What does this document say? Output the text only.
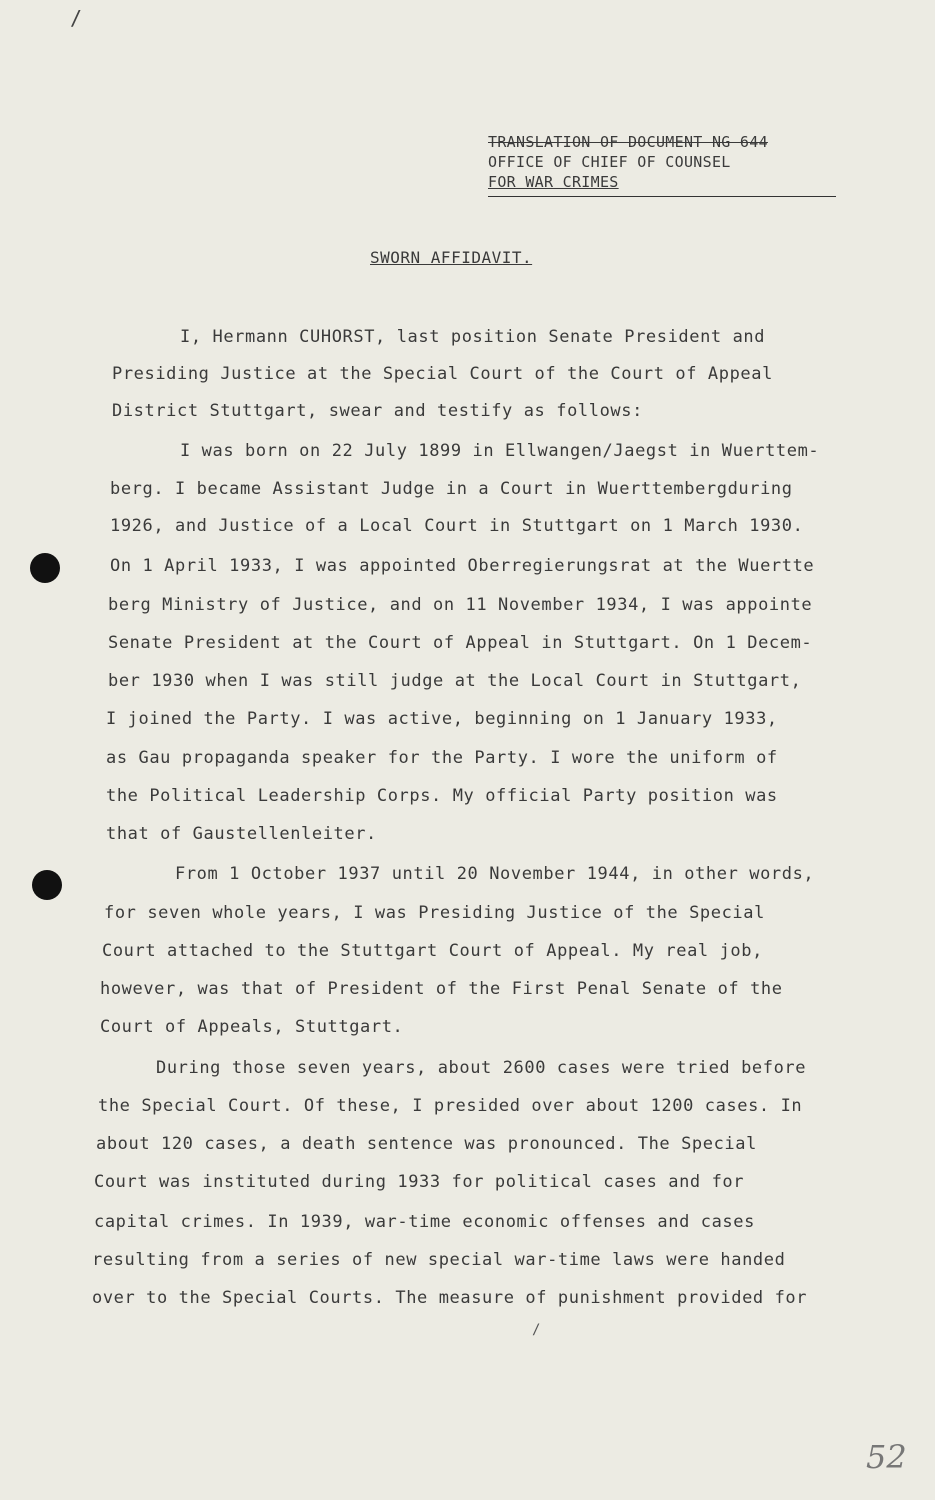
/
TRANSLATION OF DOCUMENT NG 644
OFFICE OF CHIEF OF COUNSEL
FOR WAR CRIMES
SWORN AFFIDAVIT.
I, Hermann CUHORST, last position Senate President and
Presiding Justice at the Special Court of the Court of Appeal
District Stuttgart, swear and testify as follows:
I was born on 22 July 1899 in Ellwangen/Jaegst in Wuerttem-
berg. I became Assistant Judge in a Court in Wuerttembergduring
1926, and Justice of a Local Court in Stuttgart on 1 March 1930.
On 1 April 1933, I was appointed Oberregierungsrat at the Wuertte
berg Ministry of Justice, and on 11 November 1934, I was appointe
Senate President at the Court of Appeal in Stuttgart. On 1 Decem-
ber 1930 when I was still judge at the Local Court in Stuttgart,
I joined the Party. I was active, beginning on 1 January 1933,
as Gau propaganda speaker for the Party. I wore the uniform of
the Political Leadership Corps. My official Party position was
that of Gaustellenleiter.
From 1 October 1937 until 20 November 1944, in other words,
for seven whole years, I was Presiding Justice of the Special
Court attached to the Stuttgart Court of Appeal. My real job,
however, was that of President of the First Penal Senate of the
Court of Appeals, Stuttgart.
During those seven years, about 2600 cases were tried before
the Special Court. Of these, I presided over about 1200 cases. In
about 120 cases, a death sentence was pronounced. The Special
Court was instituted during 1933 for political cases and for
capital crimes. In 1939, war-time economic offenses and cases
resulting from a series of new special war-time laws were handed
over to the Special Courts. The measure of punishment provided for
/
52
